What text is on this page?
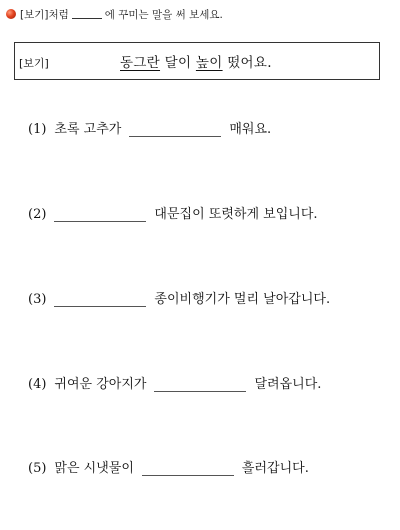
[보기]처럼	에 꾸미는 말을 써 보세요.
[보기]	동그란 달이 높이 떴어요.
(1) 초록 고추가	매워요.
(2)	대문집이 또렷하게 보입니다.
(3)	종이비행기가 멀리 날아갑니다.
(4) 귀여운 강아지가	달려옵니다.
(5) 맑은 시냇물이	흘러갑니다.
